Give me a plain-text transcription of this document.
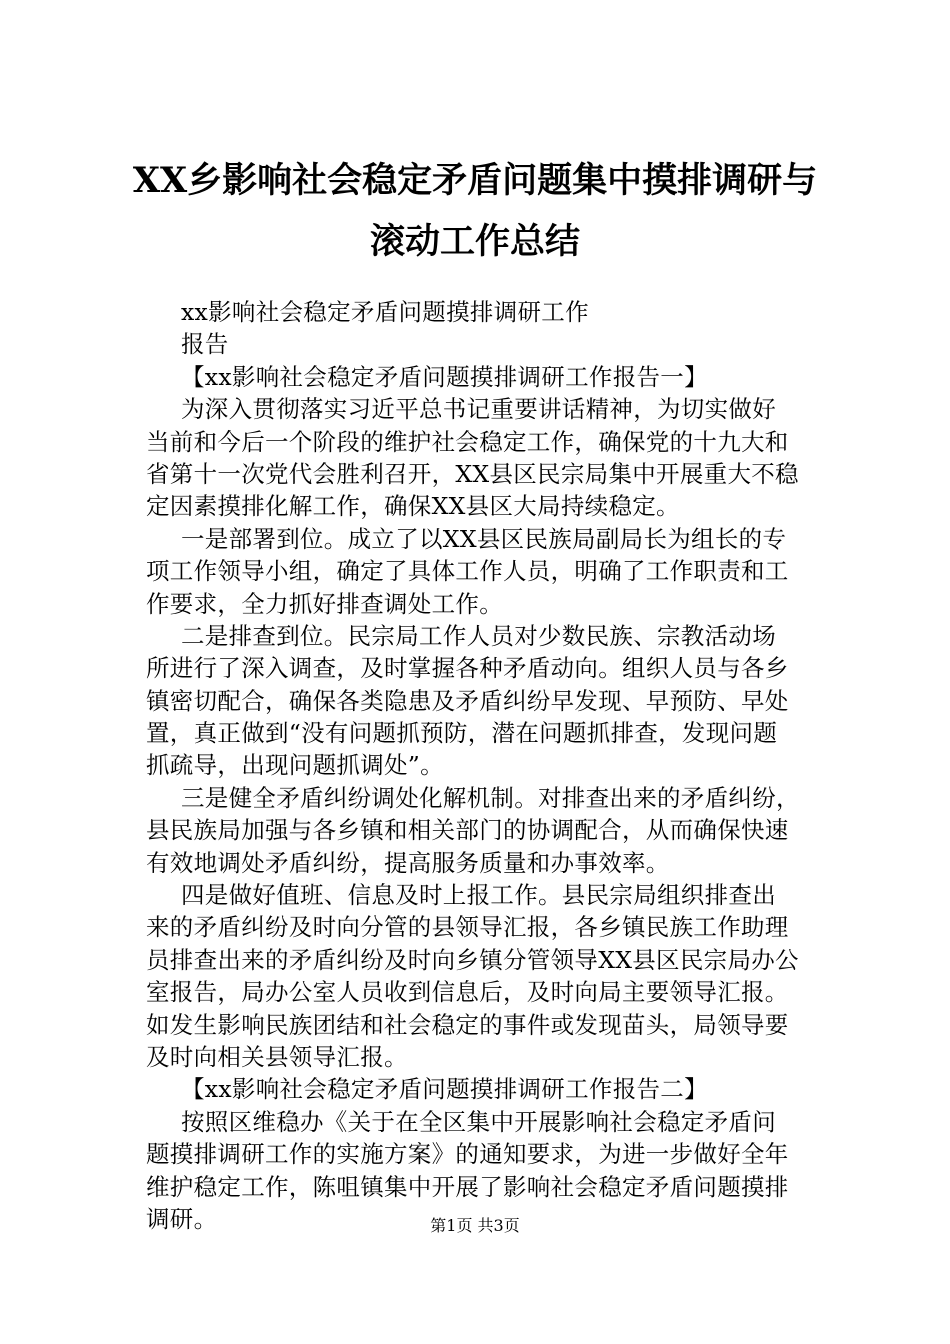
XX乡影响社会稳定矛盾问题集中摸排调研与
滚动工作总结
xx影响社会稳定矛盾问题摸排调研工作
报告
【xx影响社会稳定矛盾问题摸排调研工作报告一】
为深入贯彻落实习近平总书记重要讲话精神，为切实做好
当前和今后一个阶段的维护社会稳定工作，确保党的十九大和
省第十一次党代会胜利召开，XX县区民宗局集中开展重大不稳
定因素摸排化解工作，确保XX县区大局持续稳定。
一是部署到位。成立了以XX县区民族局副局长为组长的专
项工作领导小组，确定了具体工作人员，明确了工作职责和工
作要求，全力抓好排查调处工作。
二是排查到位。民宗局工作人员对少数民族、宗教活动场
所进行了深入调查，及时掌握各种矛盾动向。组织人员与各乡
镇密切配合，确保各类隐患及矛盾纠纷早发现、早预防、早处
置，真正做到“没有问题抓预防，潜在问题抓排查，发现问题
抓疏导，出现问题抓调处”。
三是健全矛盾纠纷调处化解机制。对排查出来的矛盾纠纷，
县民族局加强与各乡镇和相关部门的协调配合，从而确保快速
有效地调处矛盾纠纷，提高服务质量和办事效率。
四是做好值班、信息及时上报工作。县民宗局组织排查出
来的矛盾纠纷及时向分管的县领导汇报，各乡镇民族工作助理
员排查出来的矛盾纠纷及时向乡镇分管领导XX县区民宗局办公
室报告，局办公室人员收到信息后，及时向局主要领导汇报。
如发生影响民族团结和社会稳定的事件或发现苗头，局领导要
及时向相关县领导汇报。
【xx影响社会稳定矛盾问题摸排调研工作报告二】
按照区维稳办《关于在全区集中开展影响社会稳定矛盾问
题摸排调研工作的实施方案》的通知要求，为进一步做好全年
维护稳定工作，陈咀镇集中开展了影响社会稳定矛盾问题摸排
调研。	第1页 共3页
